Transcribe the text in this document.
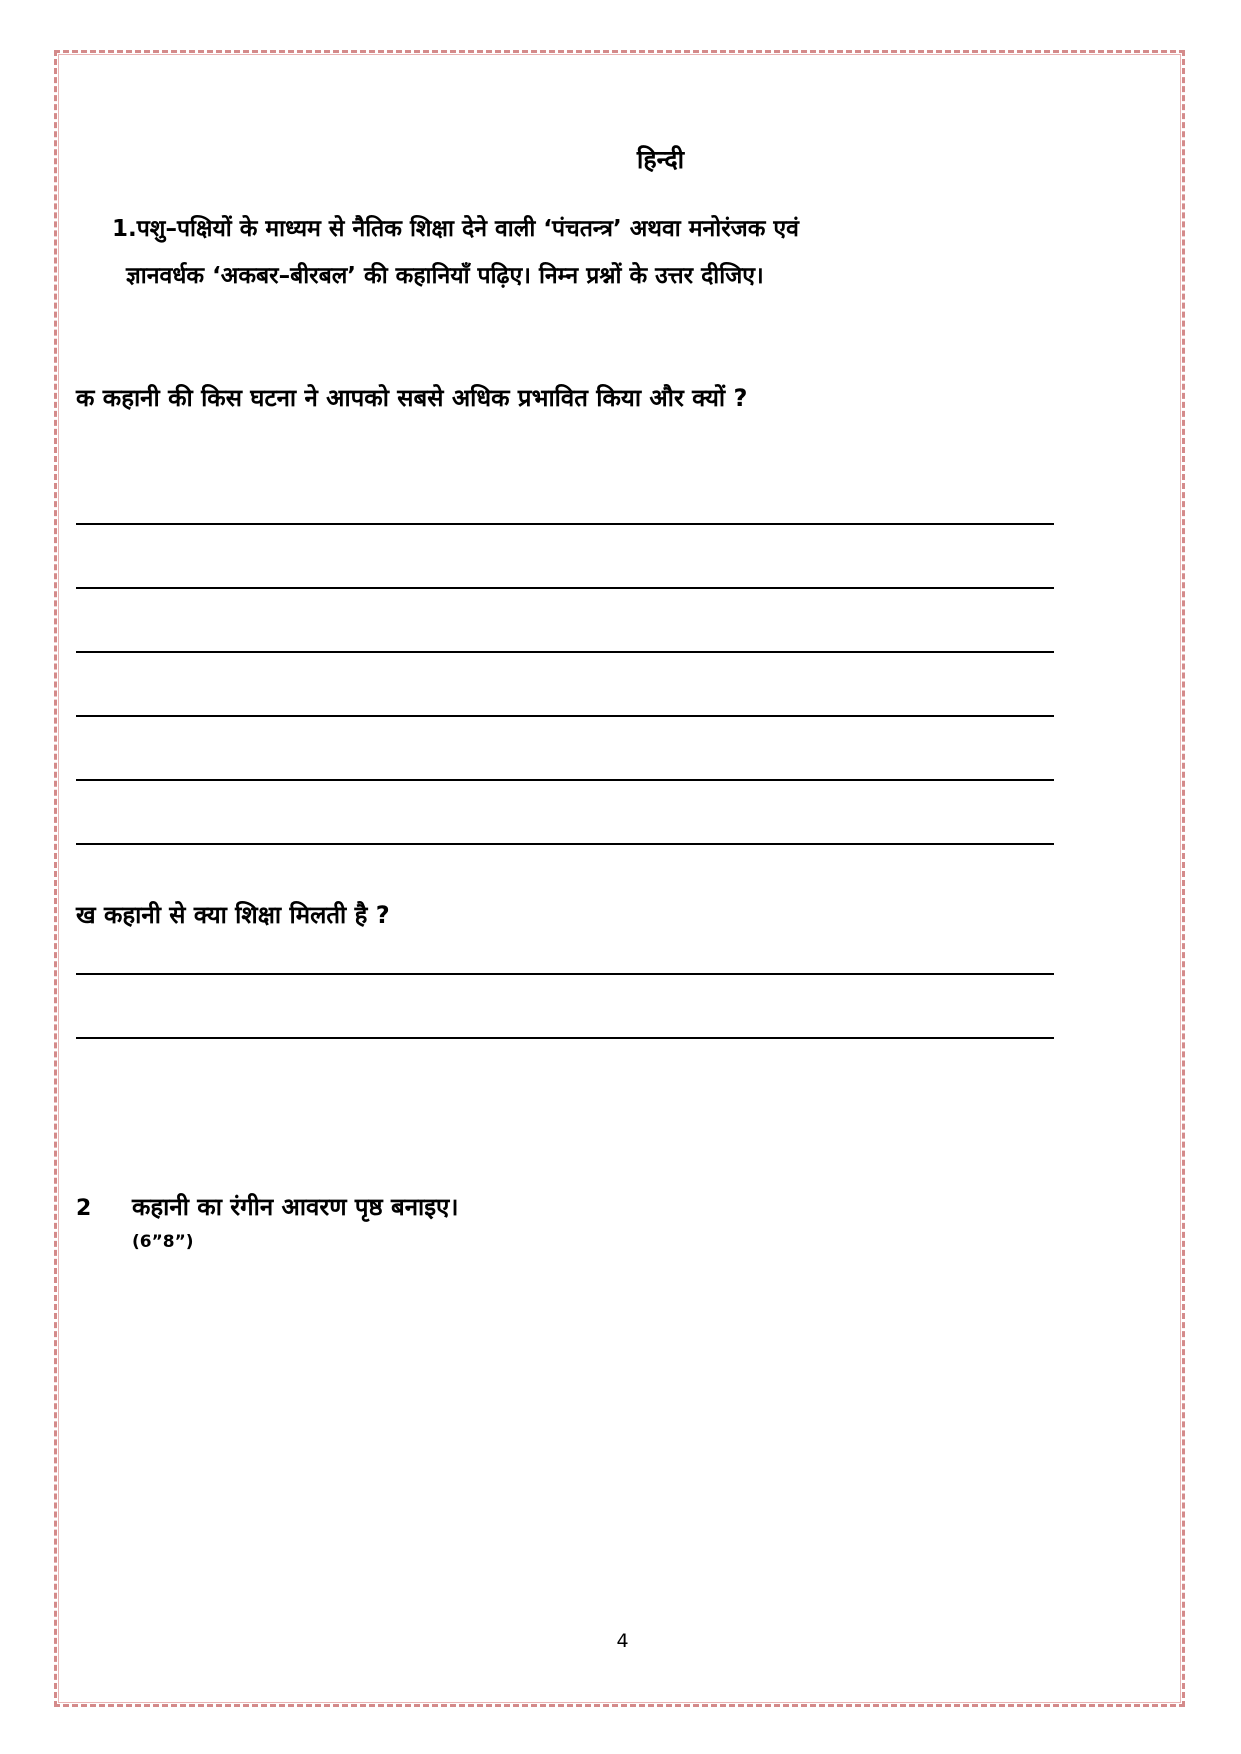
हिन्दी

1.पशु–पक्षियों के माध्यम से नैतिक शिक्षा देने वाली ‘पंचतन्त्र’ अथवा मनोरंजक एवं
ज्ञानवर्धक ‘अकबर–बीरबल’ की कहानियाँ पढ़िए। निम्न प्रश्नों के उत्तर दीजिए।

क कहानी की किस घटना ने आपको सबसे अधिक प्रभावित किया और क्यों ?

ख कहानी से क्या शिक्षा मिलती है ?

2 कहानी का रंगीन आवरण पृष्ठ बनाइए।

(6”8”)

4
